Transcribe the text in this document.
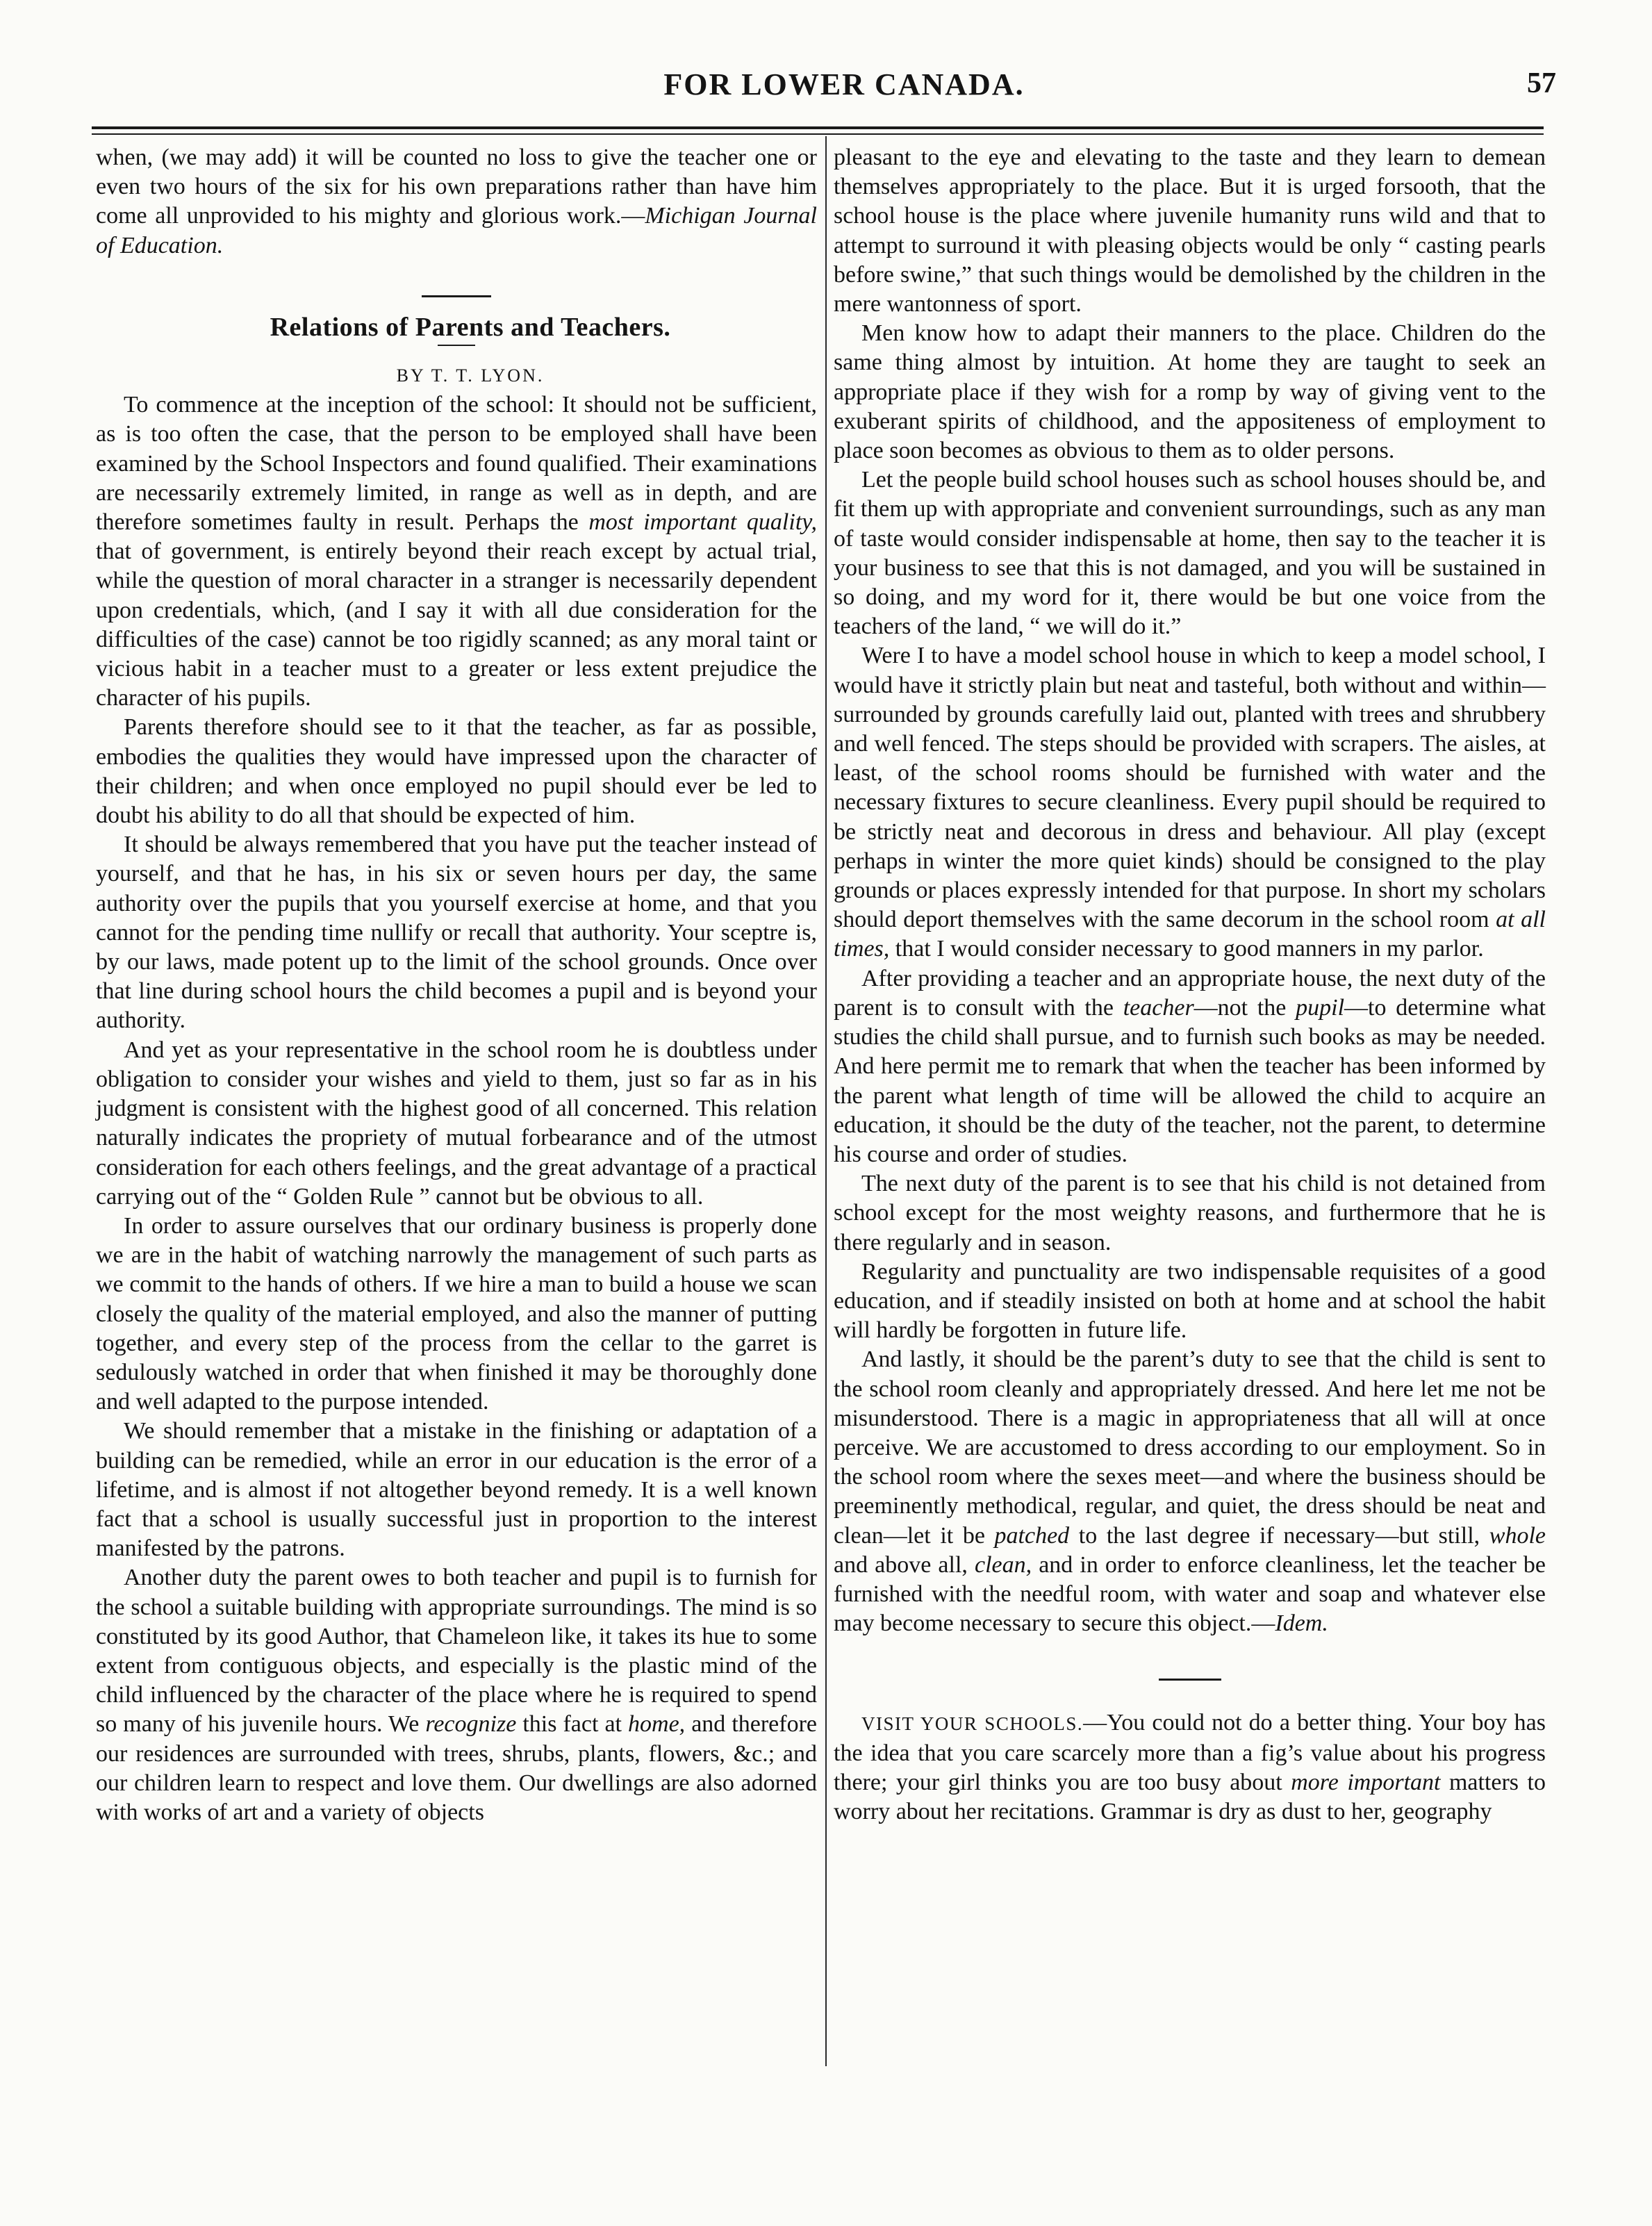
FOR LOWER CANADA.	57

when, (we may add) it will be counted no loss to give the teacher one or even two hours of the six for his own preparations rather than have him come all unprovided to his mighty and glorious work.—Michigan Journal of Education.

Relations of Parents and Teachers.

BY T. T. LYON.

To commence at the inception of the school: It should not be sufficient, as is too often the case, that the person to be employed shall have been examined by the School Inspectors and found qualified. Their examinations are necessarily extremely limited, in range as well as in depth, and are therefore sometimes faulty in result. Perhaps the most important quality, that of government, is entirely beyond their reach except by actual trial, while the question of moral character in a stranger is necessarily dependent upon credentials, which, (and I say it with all due consideration for the difficulties of the case) cannot be too rigidly scanned; as any moral taint or vicious habit in a teacher must to a greater or less extent prejudice the character of his pupils.

Parents therefore should see to it that the teacher, as far as possible, embodies the qualities they would have impressed upon the character of their children; and when once employed no pupil should ever be led to doubt his ability to do all that should be expected of him.

It should be always remembered that you have put the teacher instead of yourself, and that he has, in his six or seven hours per day, the same authority over the pupils that you yourself exercise at home, and that you cannot for the pending time nullify or recall that authority. Your sceptre is, by our laws, made potent up to the limit of the school grounds. Once over that line during school hours the child becomes a pupil and is beyond your authority.

And yet as your representative in the school room he is doubtless under obligation to consider your wishes and yield to them, just so far as in his judgment is consistent with the highest good of all concerned. This relation naturally indicates the propriety of mutual forbearance and of the utmost consideration for each others feelings, and the great advantage of a practical carrying out of the “ Golden Rule ” cannot but be obvious to all.

In order to assure ourselves that our ordinary business is properly done we are in the habit of watching narrowly the management of such parts as we commit to the hands of others. If we hire a man to build a house we scan closely the quality of the material employed, and also the manner of putting together, and every step of the process from the cellar to the garret is sedulously watched in order that when finished it may be thoroughly done and well adapted to the purpose intended.

We should remember that a mistake in the finishing or adaptation of a building can be remedied, while an error in our education is the error of a lifetime, and is almost if not altogether beyond remedy. It is a well known fact that a school is usually successful just in proportion to the interest manifested by the patrons.

Another duty the parent owes to both teacher and pupil is to furnish for the school a suitable building with appropriate surroundings. The mind is so constituted by its good Author, that Chameleon like, it takes its hue to some extent from contiguous objects, and especially is the plastic mind of the child influenced by the character of the place where he is required to spend so many of his juvenile hours. We recognize this fact at home, and therefore our residences are surrounded with trees, shrubs, plants, flowers, &c.; and our children learn to respect and love them. Our dwellings are also adorned with works of art and a variety of objects

pleasant to the eye and elevating to the taste and they learn to demean themselves appropriately to the place. But it is urged forsooth, that the school house is the place where juvenile humanity runs wild and that to attempt to surround it with pleasing objects would be only “ casting pearls before swine,” that such things would be demolished by the children in the mere wantonness of sport.

Men know how to adapt their manners to the place. Children do the same thing almost by intuition. At home they are taught to seek an appropriate place if they wish for a romp by way of giving vent to the exuberant spirits of childhood, and the appositeness of employment to place soon becomes as obvious to them as to older persons.

Let the people build school houses such as school houses should be, and fit them up with appropriate and convenient surroundings, such as any man of taste would consider indispensable at home, then say to the teacher it is your business to see that this is not damaged, and you will be sustained in so doing, and my word for it, there would be but one voice from the teachers of the land, “ we will do it.”

Were I to have a model school house in which to keep a model school, I would have it strictly plain but neat and tasteful, both without and within—surrounded by grounds carefully laid out, planted with trees and shrubbery and well fenced. The steps should be provided with scrapers. The aisles, at least, of the school rooms should be furnished with water and the necessary fixtures to secure cleanliness. Every pupil should be required to be strictly neat and decorous in dress and behaviour. All play (except perhaps in winter the more quiet kinds) should be consigned to the play grounds or places expressly intended for that purpose. In short my scholars should deport themselves with the same decorum in the school room at all times, that I would consider necessary to good manners in my parlor.

After providing a teacher and an appropriate house, the next duty of the parent is to consult with the teacher—not the pupil—to determine what studies the child shall pursue, and to furnish such books as may be needed. And here permit me to remark that when the teacher has been informed by the parent what length of time will be allowed the child to acquire an education, it should be the duty of the teacher, not the parent, to determine his course and order of studies.

The next duty of the parent is to see that his child is not detained from school except for the most weighty reasons, and furthermore that he is there regularly and in season.

Regularity and punctuality are two indispensable requisites of a good education, and if steadily insisted on both at home and at school the habit will hardly be forgotten in future life.

And lastly, it should be the parent’s duty to see that the child is sent to the school room cleanly and appropriately dressed. And here let me not be misunderstood. There is a magic in appropriateness that all will at once perceive. We are accustomed to dress according to our employment. So in the school room where the sexes meet—and where the business should be preeminently methodical, regular, and quiet, the dress should be neat and clean—let it be patched to the last degree if necessary—but still, whole and above all, clean, and in order to enforce cleanliness, let the teacher be furnished with the needful room, with water and soap and whatever else may become necessary to secure this object.—Idem.

VISIT YOUR SCHOOLS.—You could not do a better thing. Your boy has the idea that you care scarcely more than a fig’s value about his progress there; your girl thinks you are too busy about more important matters to worry about her recitations. Grammar is dry as dust to her, geography
